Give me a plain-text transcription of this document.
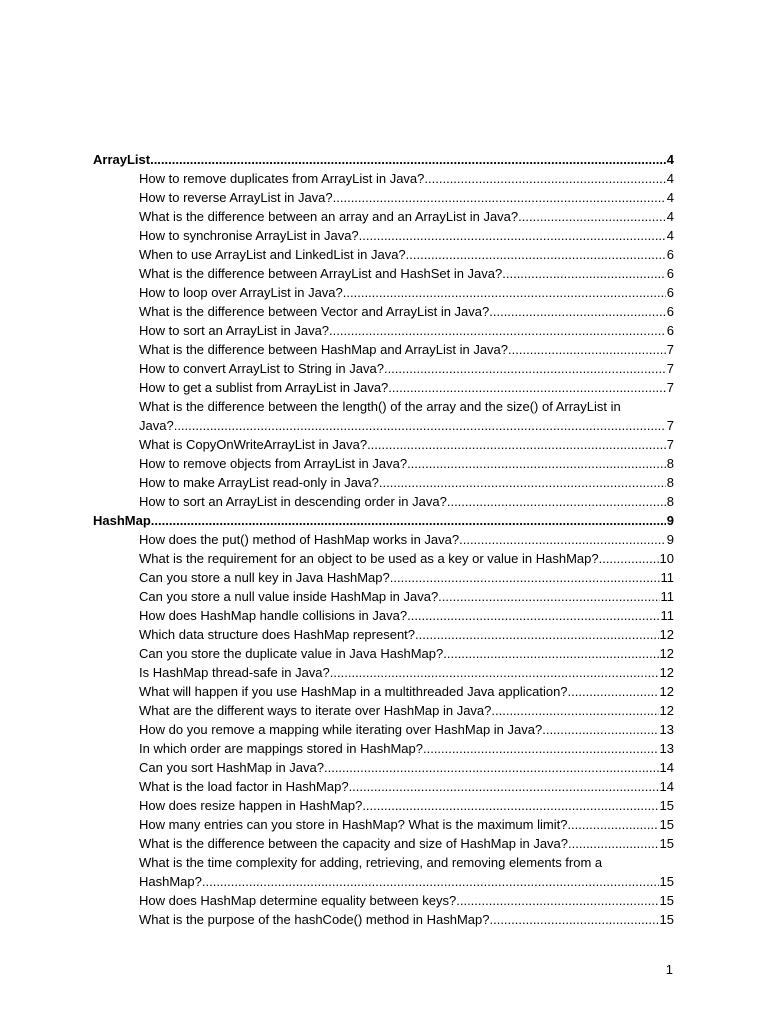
ArrayList .....	4
How to remove duplicates from ArrayList in Java? .....	4
How to reverse ArrayList in Java? .....	4
What is the difference between an array and an ArrayList in Java? .....	4
How to synchronise ArrayList in Java? .....	4
When to use ArrayList and LinkedList in Java? .....	6
What is the difference between ArrayList and HashSet in Java? .....	6
How to loop over ArrayList in Java? .....	6
What is the difference between Vector and ArrayList in Java? .....	6
How to sort an ArrayList in Java? .....	6
What is the difference between HashMap and ArrayList in Java? .....	7
How to convert ArrayList to String in Java? .....	7
How to get a sublist from ArrayList in Java? .....	7
What is the difference between the length() of the array and the size() of ArrayList in
Java? .....	7
What is CopyOnWriteArrayList in Java? .....	7
How to remove objects from ArrayList in Java? .....	8
How to make ArrayList read-only in Java? .....	8
How to sort an ArrayList in descending order in Java? .....	8
HashMap .....	9
How does the put() method of HashMap works in Java? .....	9
What is the requirement for an object to be used as a key or value in HashMap? .....	10
Can you store a null key in Java HashMap? .....	11
Can you store a null value inside HashMap in Java? .....	11
How does HashMap handle collisions in Java? .....	11
Which data structure does HashMap represent? .....	12
Can you store the duplicate value in Java HashMap? .....	12
Is HashMap thread-safe in Java? .....	12
What will happen if you use HashMap in a multithreaded Java application? .....	12
What are the different ways to iterate over HashMap in Java? .....	12
How do you remove a mapping while iterating over HashMap in Java? .....	13
In which order are mappings stored in HashMap? .....	13
Can you sort HashMap in Java? .....	14
What is the load factor in HashMap? .....	14
How does resize happen in HashMap? .....	15
How many entries can you store in HashMap? What is the maximum limit? .....	15
What is the difference between the capacity and size of HashMap in Java? .....	15
What is the time complexity for adding, retrieving, and removing elements from a
HashMap? .....	15
How does HashMap determine equality between keys? .....	15
What is the purpose of the hashCode() method in HashMap? .....	15
1
